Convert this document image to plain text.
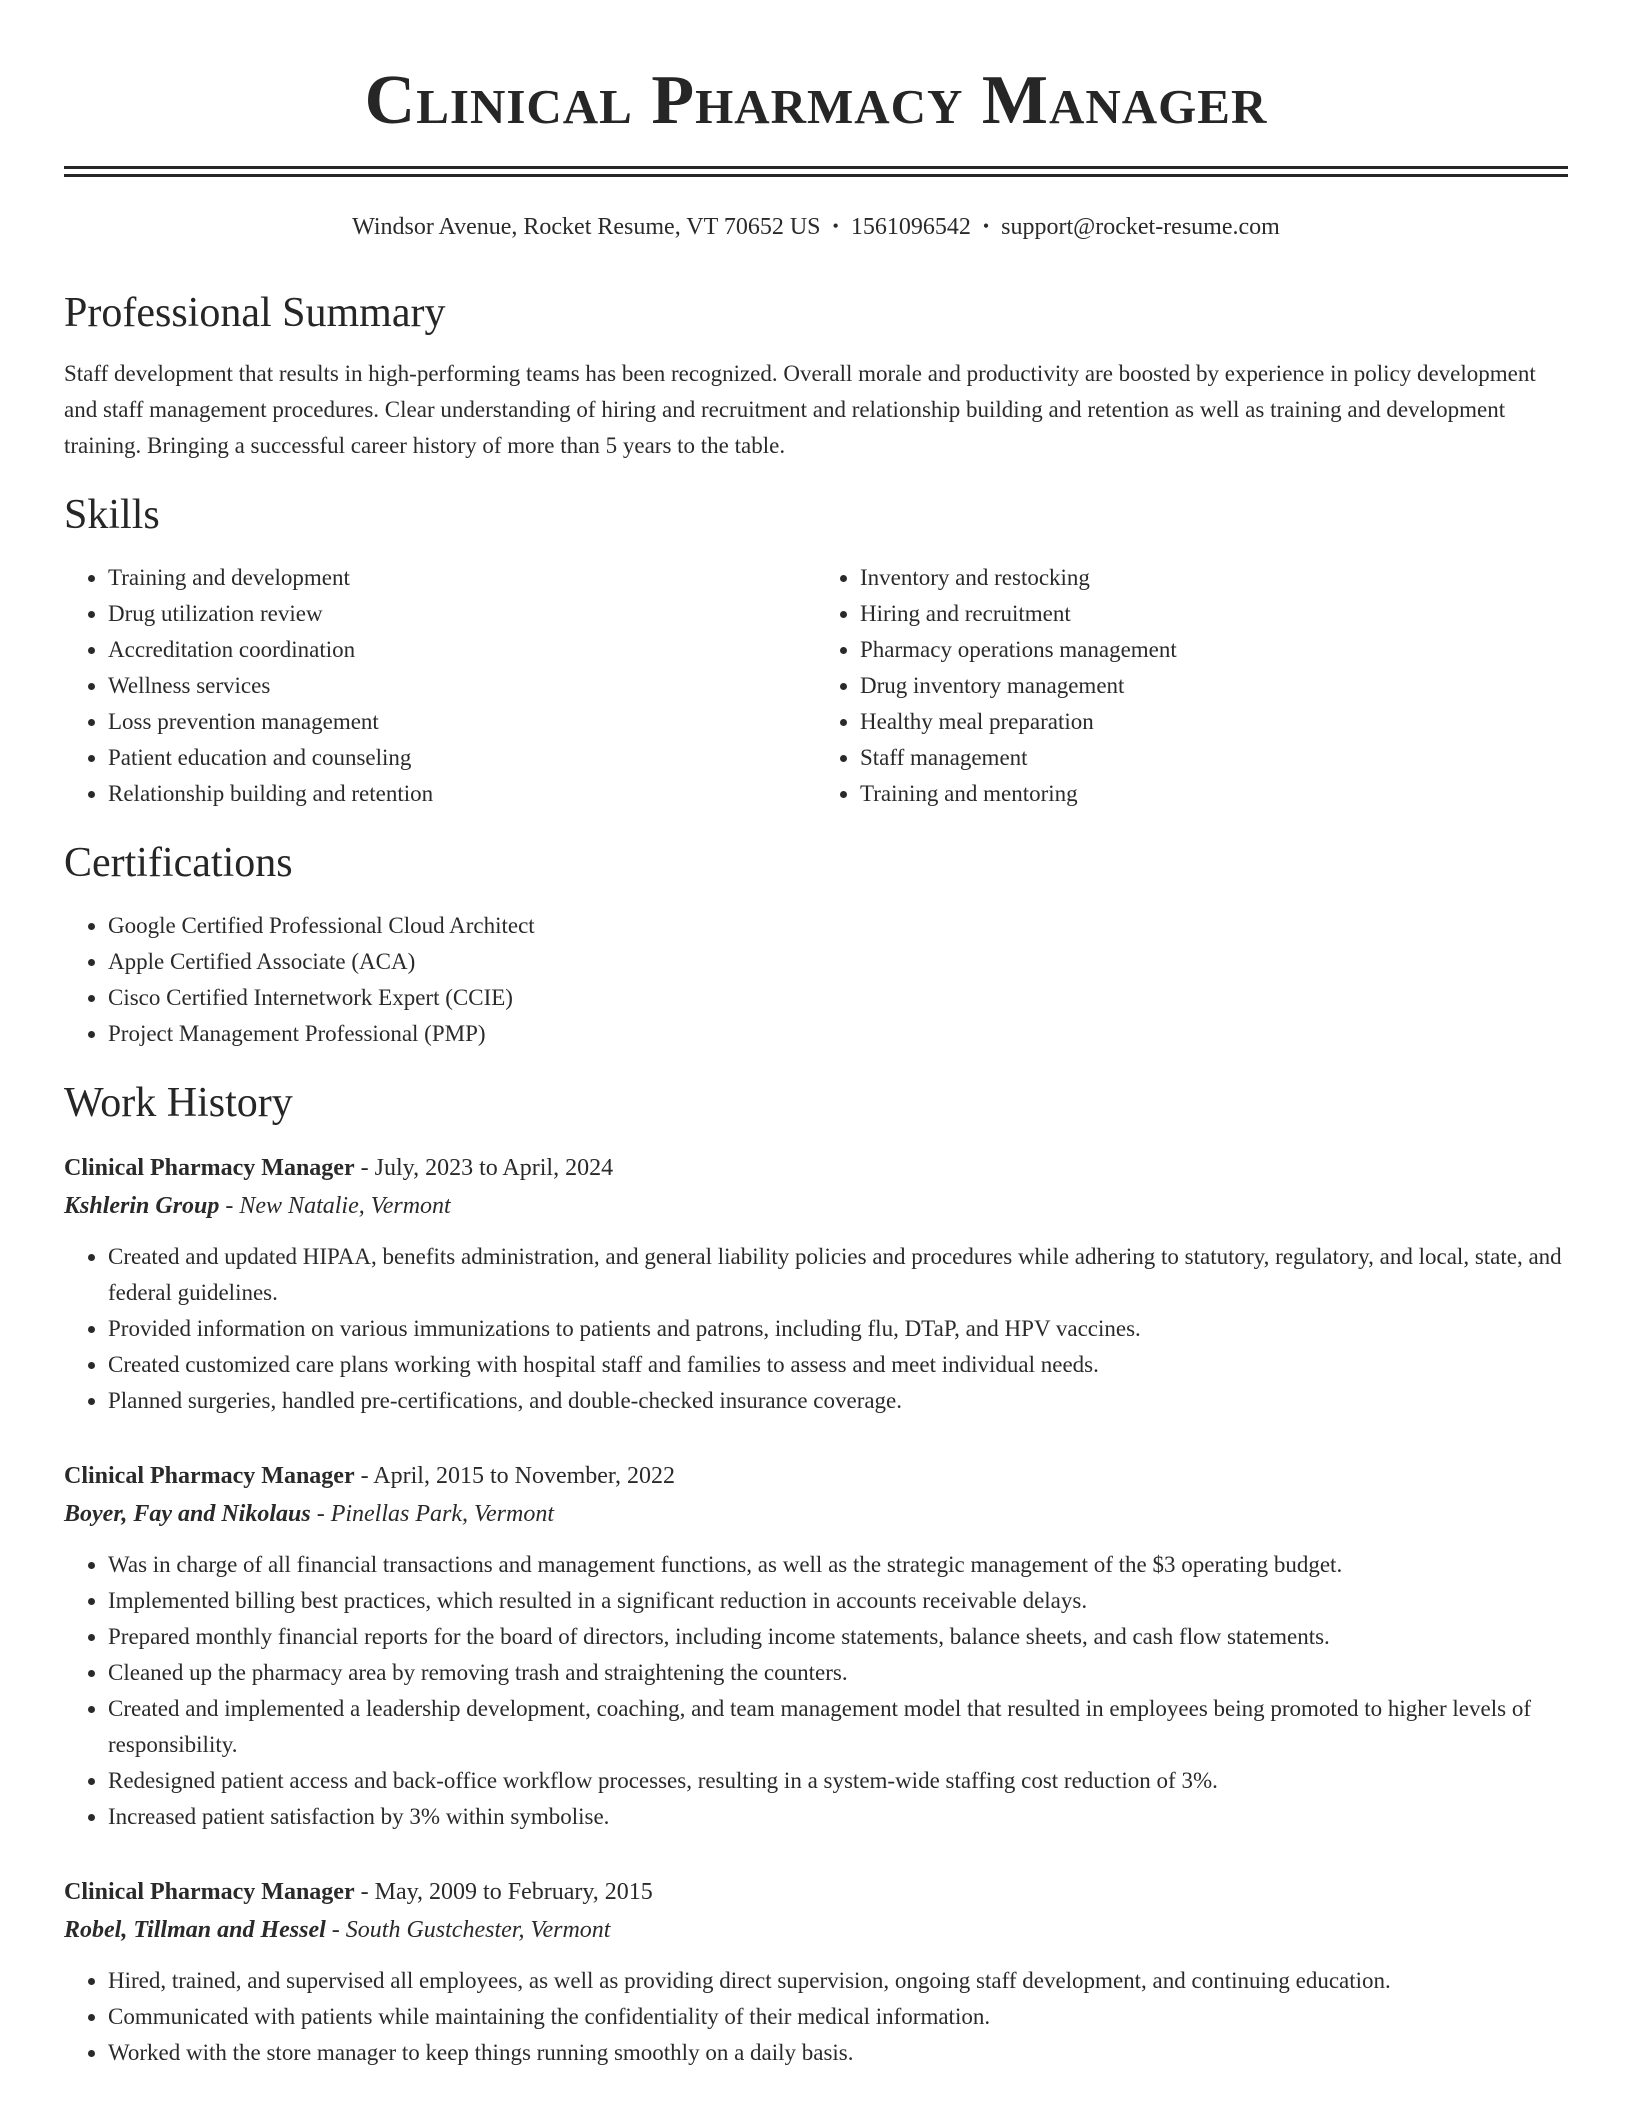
Clinical Pharmacy Manager
Windsor Avenue, Rocket Resume, VT 70652 US • 1561096542 • support@rocket-resume.com
Professional Summary
Staff development that results in high-performing teams has been recognized. Overall morale and productivity are boosted by experience in policy development and staff management procedures. Clear understanding of hiring and recruitment and relationship building and retention as well as training and development training. Bringing a successful career history of more than 5 years to the table.
Skills
• Training and development
• Drug utilization review
• Accreditation coordination
• Wellness services
• Loss prevention management
• Patient education and counseling
• Relationship building and retention
• Inventory and restocking
• Hiring and recruitment
• Pharmacy operations management
• Drug inventory management
• Healthy meal preparation
• Staff management
• Training and mentoring
Certifications
• Google Certified Professional Cloud Architect
• Apple Certified Associate (ACA)
• Cisco Certified Internetwork Expert (CCIE)
• Project Management Professional (PMP)
Work History
Clinical Pharmacy Manager - July, 2023 to April, 2024
Kshlerin Group - New Natalie, Vermont
• Created and updated HIPAA, benefits administration, and general liability policies and procedures while adhering to statutory, regulatory, and local, state, and federal guidelines.
• Provided information on various immunizations to patients and patrons, including flu, DTaP, and HPV vaccines.
• Created customized care plans working with hospital staff and families to assess and meet individual needs.
• Planned surgeries, handled pre-certifications, and double-checked insurance coverage.
Clinical Pharmacy Manager - April, 2015 to November, 2022
Boyer, Fay and Nikolaus - Pinellas Park, Vermont
• Was in charge of all financial transactions and management functions, as well as the strategic management of the $3 operating budget.
• Implemented billing best practices, which resulted in a significant reduction in accounts receivable delays.
• Prepared monthly financial reports for the board of directors, including income statements, balance sheets, and cash flow statements.
• Cleaned up the pharmacy area by removing trash and straightening the counters.
• Created and implemented a leadership development, coaching, and team management model that resulted in employees being promoted to higher levels of responsibility.
• Redesigned patient access and back-office workflow processes, resulting in a system-wide staffing cost reduction of 3%.
• Increased patient satisfaction by 3% within symbolise.
Clinical Pharmacy Manager - May, 2009 to February, 2015
Robel, Tillman and Hessel - South Gustchester, Vermont
• Hired, trained, and supervised all employees, as well as providing direct supervision, ongoing staff development, and continuing education.
• Communicated with patients while maintaining the confidentiality of their medical information.
• Worked with the store manager to keep things running smoothly on a daily basis.
